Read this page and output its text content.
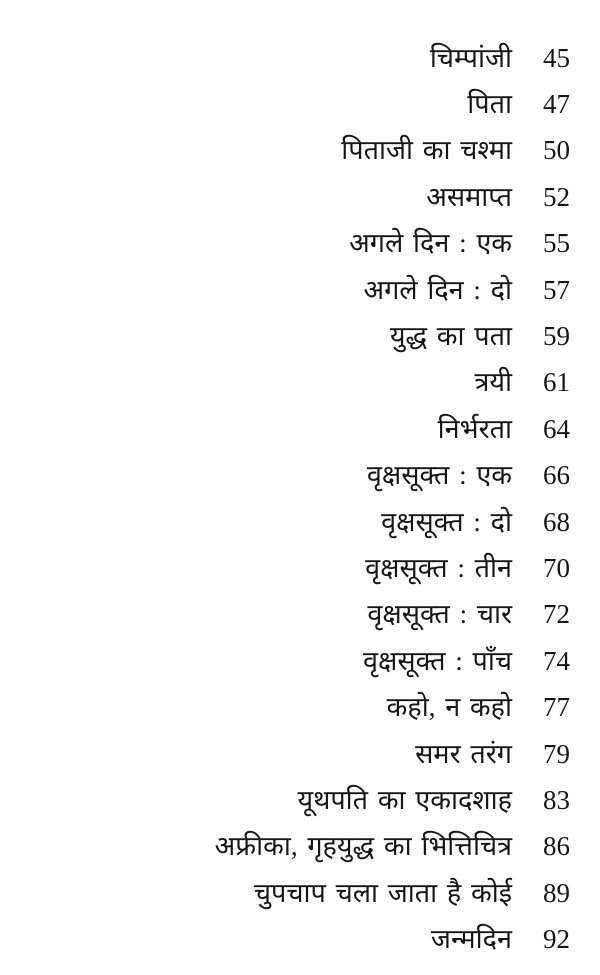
चिम्पांजी	45
पिता	47
पिताजी का चश्मा	50
असमाप्त	52
अगले दिन : एक	55
अगले दिन : दो	57
युद्ध का पता	59
त्रयी	61
निर्भरता	64
वृक्षसूक्त : एक	66
वृक्षसूक्त : दो	68
वृक्षसूक्त : तीन	70
वृक्षसूक्त : चार	72
वृक्षसूक्त : पाँच	74
कहो, न कहो	77
समर तरंग	79
यूथपति का एकादशाह	83
अफ्रीका, गृहयुद्ध का भित्तिचित्र	86
चुपचाप चला जाता है कोई	89
जन्मदिन	92
